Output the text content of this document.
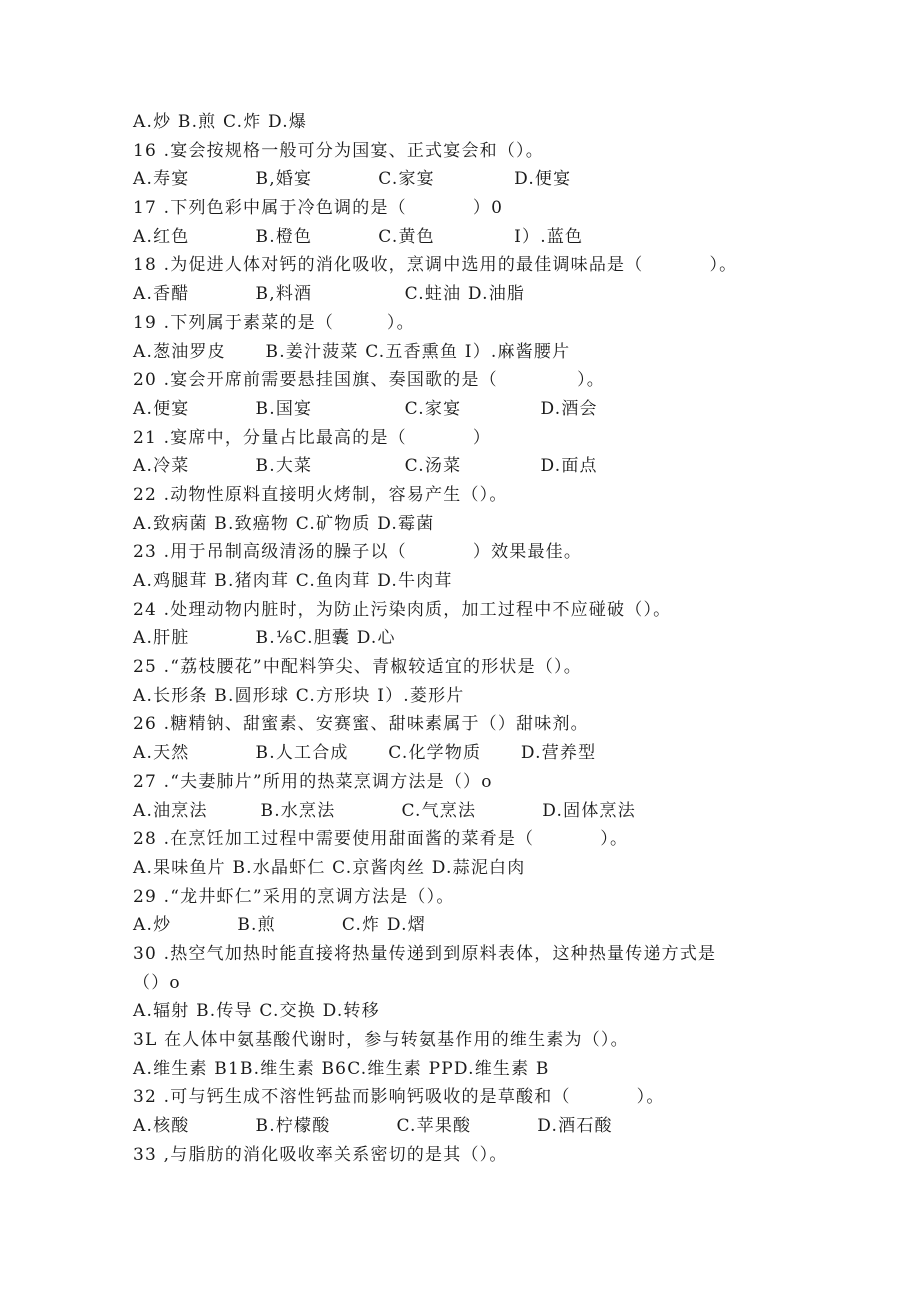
A.炒 B.煎 C.炸 D.爆
16 .宴会按规格一般可分为国宴、正式宴会和（）。
A.寿宴          B,婚宴          C.家宴            D.便宴
17 .下列色彩中属于冷色调的是（          ）0
A.红色          B.橙色          C.黄色            I）.蓝色
18 .为促进人体对钙的消化吸收，烹调中选用的最佳调味品是（          ）。
A.香醋          B,料酒              C.蛀油 D.油脂
19 .下列属于素菜的是（        ）。
A.葱油罗皮      B.姜汁菠菜 C.五香熏鱼 I）.麻酱腰片
20 .宴会开席前需要悬挂国旗、奏国歌的是（            ）。
A.便宴          B.国宴              C.家宴            D.酒会
21 .宴席中，分量占比最高的是（          ）
A.冷菜          B.大菜              C.汤菜            D.面点
22 .动物性原料直接明火烤制，容易产生（）。
A.致病菌 B.致癌物 C.矿物质 D.霉菌
23 .用于吊制高级清汤的臊子以（          ）效果最佳。
A.鸡腿茸 B.猪肉茸 C.鱼肉茸 D.牛肉茸
24 .处理动物内脏时，为防止污染肉质，加工过程中不应碰破（）。
A.肝脏          B.⅛C.胆囊 D.心
25 .“荔枝腰花”中配料笋尖、青椒较适宜的形状是（）。
A.长形条 B.圆形球 C.方形块 I）.菱形片
26 .糖精钠、甜蜜素、安赛蜜、甜味素属于（）甜味剂。
A.天然          B.人工合成      C.化学物质      D.营养型
27 .“夫妻肺片”所用的热菜烹调方法是（）o
A.油烹法        B.水烹法          C.气烹法          D.固体烹法
28 .在烹饪加工过程中需要使用甜面酱的菜肴是（          ）。
A.果味鱼片 B.水晶虾仁 C.京酱肉丝 D.蒜泥白肉
29 .“龙井虾仁”采用的烹调方法是（）。
A.炒          B.煎          C.炸 D.熠
30 .热空气加热时能直接将热量传递到到原料表体，这种热量传递方式是
（）o
A.辐射 B.传导 C.交换 D.转移
3L 在人体中氨基酸代谢时，参与转氨基作用的维生素为（）。
A.维生素 B1B.维生素 B6C.维生素 PPD.维生素 B
32 .可与钙生成不溶性钙盐而影响钙吸收的是草酸和（          ）。
A.核酸          B.柠檬酸          C.苹果酸          D.酒石酸
33 ,与脂肪的消化吸收率关系密切的是其（）。
